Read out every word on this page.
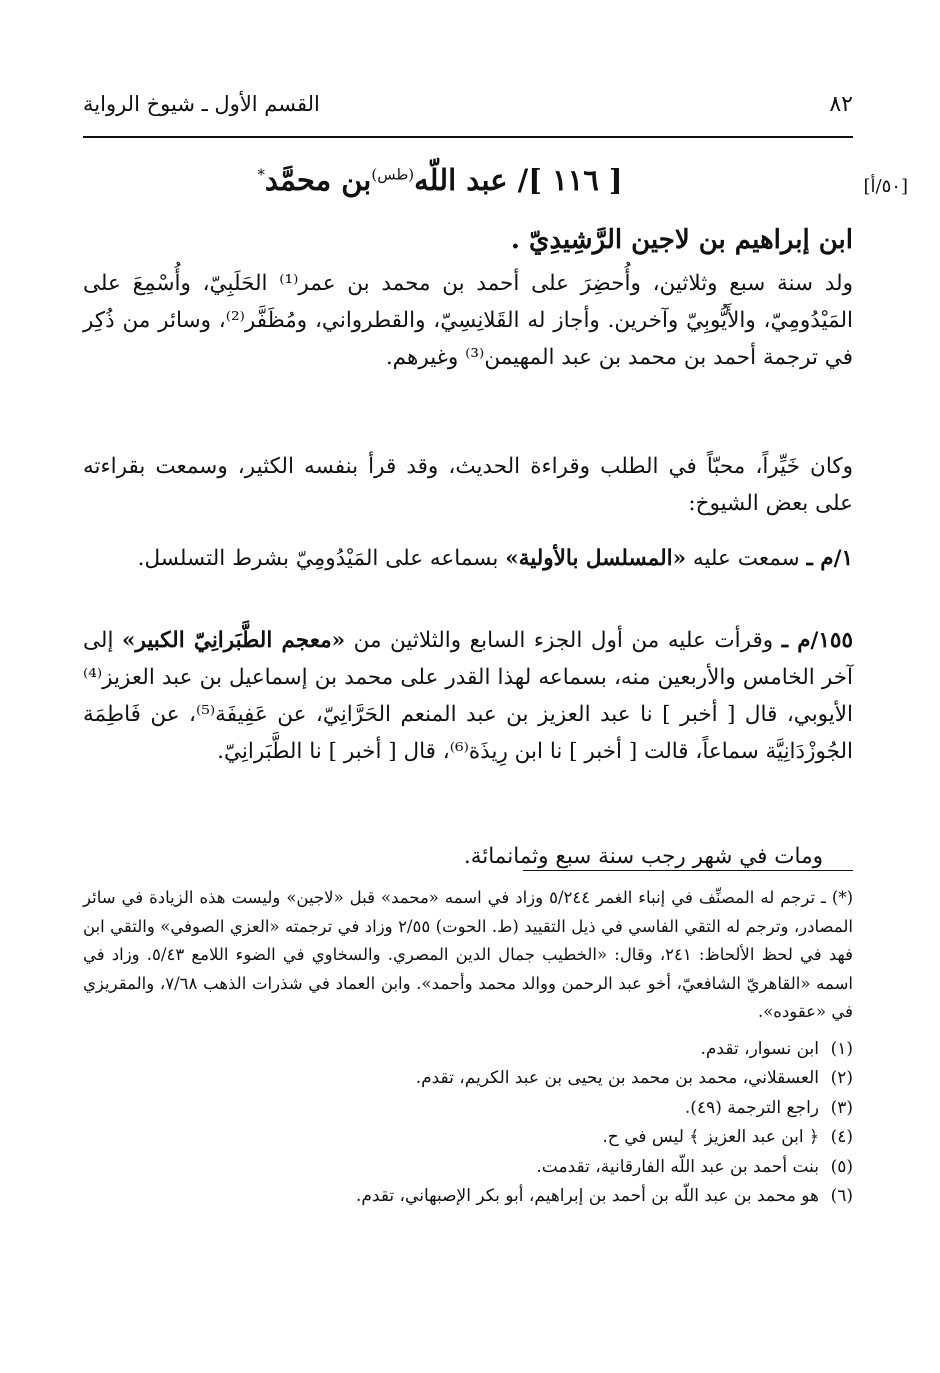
القسم الأول ـ شيوخ الرواية	٨٢
[٥٠/أ]
[ ١١٦ ]/ عبد اللّه$^{(طس)}$بن محمَّد*
ابن إبراهيم بن لاجين الرَّشِيدِيّ .

ولد سنة سبع وثلاثين، وأُحضِرَ على أحمد بن محمد بن عمر⁽¹⁾ الحَلَبِيّ، وأُسْمِعَ على المَيْدُومِيّ، والأَيُّوبِيّ وآخرين. وأجاز له القَلانِسِيّ، والقطرواني، ومُظَفَّر⁽²⁾، وسائر من ذُكِر في ترجمة أحمد بن محمد بن عبد المهيمن⁽³⁾ وغيرهم.

وكان خَيِّراً، محبّاً في الطلب وقراءة الحديث، وقد قرأ بنفسه الكثير، وسمعت بقراءته على بعض الشيوخ:

١/م ـ سمعت عليه «المسلسل بالأولية» بسماعه على المَيْدُومِيّ بشرط التسلسل.

١٥٥/م ـ وقرأت عليه من أول الجزء السابع والثلاثين من «معجم الطَّبَرانِيّ الكبير» إلى آخر الخامس والأربعين منه، بسماعه لهذا القدر على محمد بن إسماعيل بن عبد العزيز⁽⁴⁾ الأيوبي، قال [ أخبر ] نا عبد العزيز بن عبد المنعم الحَرَّانِيّ، عن عَفِيفَة⁽⁵⁾، عن فَاطِمَة الجُوزْدَانِيَّة سماعاً، قالت [ أخبر ] نا ابن رِيذَة⁽⁶⁾، قال [ أخبر ] نا الطَّبَرانِيّ.

ومات في شهر رجب سنة سبع وثمانمائة.

(*) ـ ترجم له المصنِّف في إنباء الغمر ٥/٢٤٤ وزاد في اسمه «محمد» قبل «لاجين» وليست هذه الزيادة في سائر المصادر، وترجم له التقي الفاسي في ذيل التقييد (ط. الحوت) ٢/٥٥ وزاد في ترجمته «العزي الصوفي» والتقي ابن فهد في لحظ الألحاظ: ٢٤١، وقال: «الخطيب جمال الدين المصري. والسخاوي في الضوء اللامع ٥/٤٣. وزاد في اسمه «القاهريّ الشافعيّ، أخو عبد الرحمن ووالد محمد وأحمد». وابن العماد في شذرات الذهب ٧/٦٨، والمقريزي في «عقوده».

(١)ابن نسوار، تقدم.
(٢)العسقلاني، محمد بن محمد بن يحيى بن عبد الكريم، تقدم.
(٣)راجع الترجمة (٤٩).
(٤)﴿ ابن عبد العزيز ﴾ ليس في ح.
(٥)بنت أحمد بن عبد اللّه الفارقانية، تقدمت.
(٦)هو محمد بن عبد اللّه بن أحمد بن إبراهيم، أبو بكر الإصبهاني، تقدم.
